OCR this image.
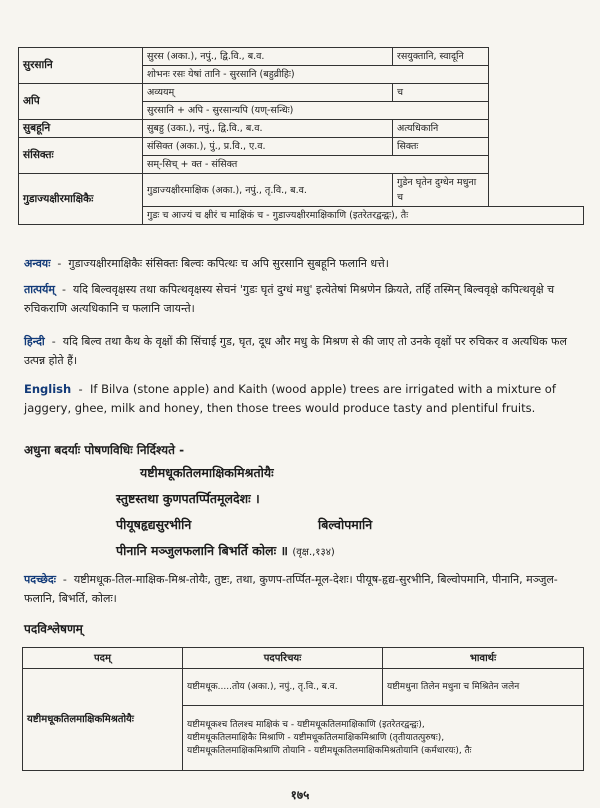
सुरसानि	सुरस (अका.), नपुं., द्वि.वि., ब.व.	रसयुक्तानि, स्वादूनि
	शोभनः रसः येषां तानि - सुरसानि (बहुव्रीहिः)	
अपि	अव्ययम्	च
	सुरसानि + अपि - सुरसान्यपि (यण्-सन्धिः)	
सुबहूनि	सुबहु (उका.), नपुं., द्वि.वि., ब.व.	अत्यधिकानि
संसिक्तः	संसिक्त (अका.), पुं., प्र.वि., ए.व.	सिक्तः
	सम्-सिच् + क्त - संसिक्त	
गुडाज्यक्षीरमाक्षिकैः	गुडाज्यक्षीरमाक्षिक (अका.), नपुं., तृ.वि., ब.व.	गुडेन घृतेन दुग्धेन मधुना च
	गुडः च आज्यं च क्षीरं च माक्षिकं च - गुडाज्यक्षीरमाक्षिकाणि (इतरेतरद्वन्द्वः), तैः	
अन्वयः - गुडाज्यक्षीरमाक्षिकैः संसिक्तः बिल्वः कपित्थः च अपि सुरसानि सुबहूनि फलानि धत्ते।
तात्पर्यम् - यदि बिल्ववृक्षस्य तथा कपित्थवृक्षस्य सेचनं 'गुडः घृतं दुग्धं मधु' इत्येतेषां मिश्रणेन क्रियते, तर्हि तस्मिन् बिल्ववृक्षे कपित्थवृक्षे च रुचिकराणि अत्यधिकानि च फलानि जायन्ते।
हिन्दी - यदि बिल्व तथा कैथ के वृक्षों की सिंचाई गुड, घृत, दूध और मधु के मिश्रण से की जाए तो उनके वृक्षों पर रुचिकर व अत्यधिक फल उत्पन्न होते हैं।
English - If Bilva (stone apple) and Kaith (wood apple) trees are irrigated with a mixture of jaggery, ghee, milk and honey, then those trees would produce tasty and plentiful fruits.
अधुना बदर्याः पोषणविधिः निर्दिश्यते -
यष्टीमधूकतिलमाक्षिकमिश्रतोयैः
स्तुष्टस्तथा कुणपतर्प्पितमूलदेशः ।
पीयूषहृद्यसुरभीनि	बिल्वोपमानि
पीनानि मञ्जुलफलानि बिभर्ति कोलः ॥ (वृक्ष.,१३४)
पदच्छेदः - यष्टीमधूक-तिल-माक्षिक-मिश्र-तोयैः, तुष्टः, तथा, कुणप-तर्प्पित-मूल-देशः। पीयूष-हृद्य-सुरभीनि, बिल्वोपमानि, पीनानि, मञ्जुल-फलानि, बिभर्ति, कोलः।
पदविश्लेषणम्
पदम्	पदपरिचयः	भावार्थः
यष्टीमधूकतिलमाक्षिकमिश्रतोयैः	यष्टीमधूक.....तोय (अका.), नपुं., तृ.वि., ब.व.	यष्टीमधुना तिलेन मधुना च मिश्रितेन जलेन

	यष्टीमधूकश्च तिलश्च माक्षिकं च - यष्टीमधूकतिलमाक्षिकाणि (इतरेतरद्वन्द्वः),
यष्टीमधूकतिलमाक्षिकैः मिश्राणि - यष्टीमधूकतिलमाक्षिकमिश्राणि (तृतीयातत्पुरुषः),
यष्टीमधूकतिलमाक्षिकमिश्राणि तोयानि - यष्टीमधूकतिलमाक्षिकमिश्रतोयानि (कर्मधारयः), तैः	
१७५
